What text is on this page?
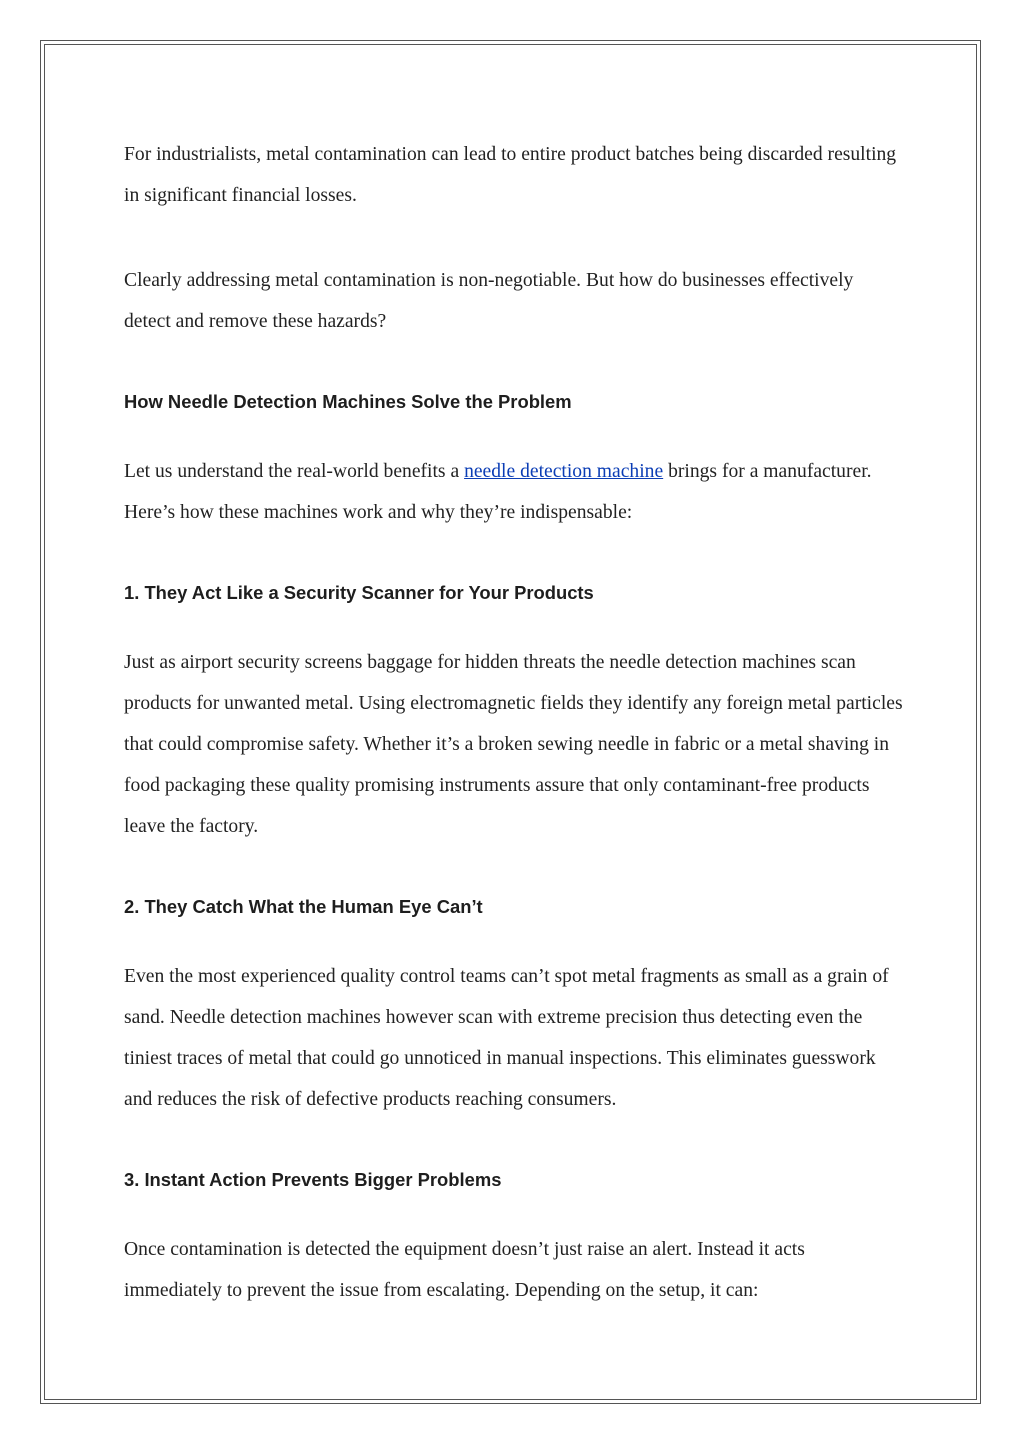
For industrialists, metal contamination can lead to entire product batches being discarded resulting in significant financial losses.

Clearly addressing metal contamination is non-negotiable. But how do businesses effectively detect and remove these hazards?

How Needle Detection Machines Solve the Problem

Let us understand the real-world benefits a needle detection machine brings for a manufacturer. Here’s how these machines work and why they’re indispensable:

1. They Act Like a Security Scanner for Your Products

Just as airport security screens baggage for hidden threats the needle detection machines scan products for unwanted metal. Using electromagnetic fields they identify any foreign metal particles that could compromise safety. Whether it’s a broken sewing needle in fabric or a metal shaving in food packaging these quality promising instruments assure that only contaminant-free products leave the factory.

2. They Catch What the Human Eye Can’t

Even the most experienced quality control teams can’t spot metal fragments as small as a grain of sand. Needle detection machines however scan with extreme precision thus detecting even the tiniest traces of metal that could go unnoticed in manual inspections. This eliminates guesswork and reduces the risk of defective products reaching consumers.

3. Instant Action Prevents Bigger Problems

Once contamination is detected the equipment doesn’t just raise an alert. Instead it acts immediately to prevent the issue from escalating. Depending on the setup, it can:
